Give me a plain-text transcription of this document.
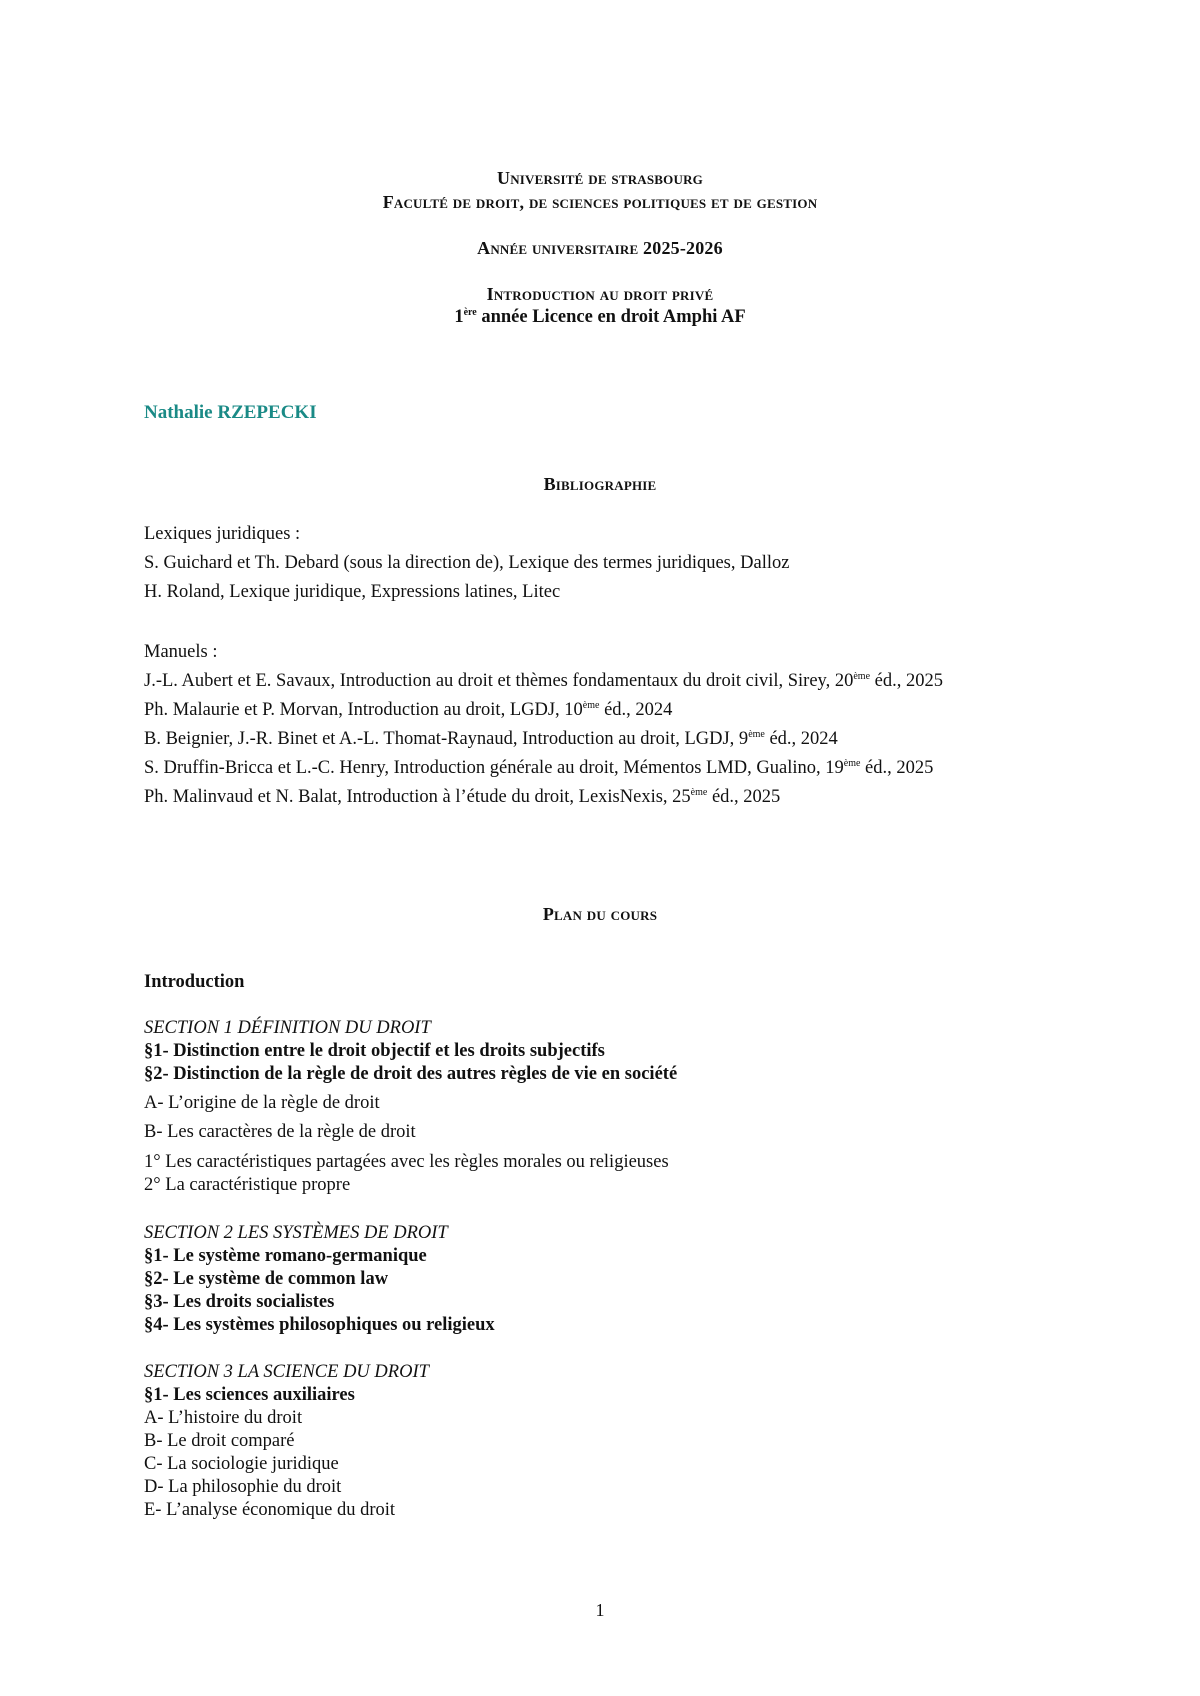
Université de strasbourg
Faculté de droit, de sciences politiques et de gestion
Année universitaire 2025-2026
Introduction au droit privé
1ère année Licence en droit Amphi AF
Nathalie RZEPECKI
Bibliographie
Lexiques juridiques :
S. Guichard et Th. Debard (sous la direction de), Lexique des termes juridiques, Dalloz
H. Roland, Lexique juridique, Expressions latines, Litec
Manuels :
J.-L. Aubert et E. Savaux, Introduction au droit et thèmes fondamentaux du droit civil, Sirey, 20ème éd., 2025
Ph. Malaurie et P. Morvan, Introduction au droit, LGDJ, 10ème éd., 2024
B. Beignier, J.-R. Binet et A.-L. Thomat-Raynaud, Introduction au droit, LGDJ, 9ème éd., 2024
S. Druffin-Bricca et L.-C. Henry, Introduction générale au droit, Mémentos LMD, Gualino, 19ème éd., 2025
Ph. Malinvaud et N. Balat, Introduction à l’étude du droit, LexisNexis, 25ème éd., 2025
Plan du cours
Introduction
SECTION 1 DÉFINITION DU DROIT
§1- Distinction entre le droit objectif et les droits subjectifs
§2- Distinction de la règle de droit des autres règles de vie en société
A- L’origine de la règle de droit
B- Les caractères de la règle de droit
1° Les caractéristiques partagées avec les règles morales ou religieuses
2° La caractéristique propre
SECTION 2 LES SYSTÈMES DE DROIT
§1- Le système romano-germanique
§2- Le système de common law
§3- Les droits socialistes
§4- Les systèmes philosophiques ou religieux
SECTION 3 LA SCIENCE DU DROIT
§1- Les sciences auxiliaires
A- L’histoire du droit
B- Le droit comparé
C- La sociologie juridique
D- La philosophie du droit
E- L’analyse économique du droit
1
